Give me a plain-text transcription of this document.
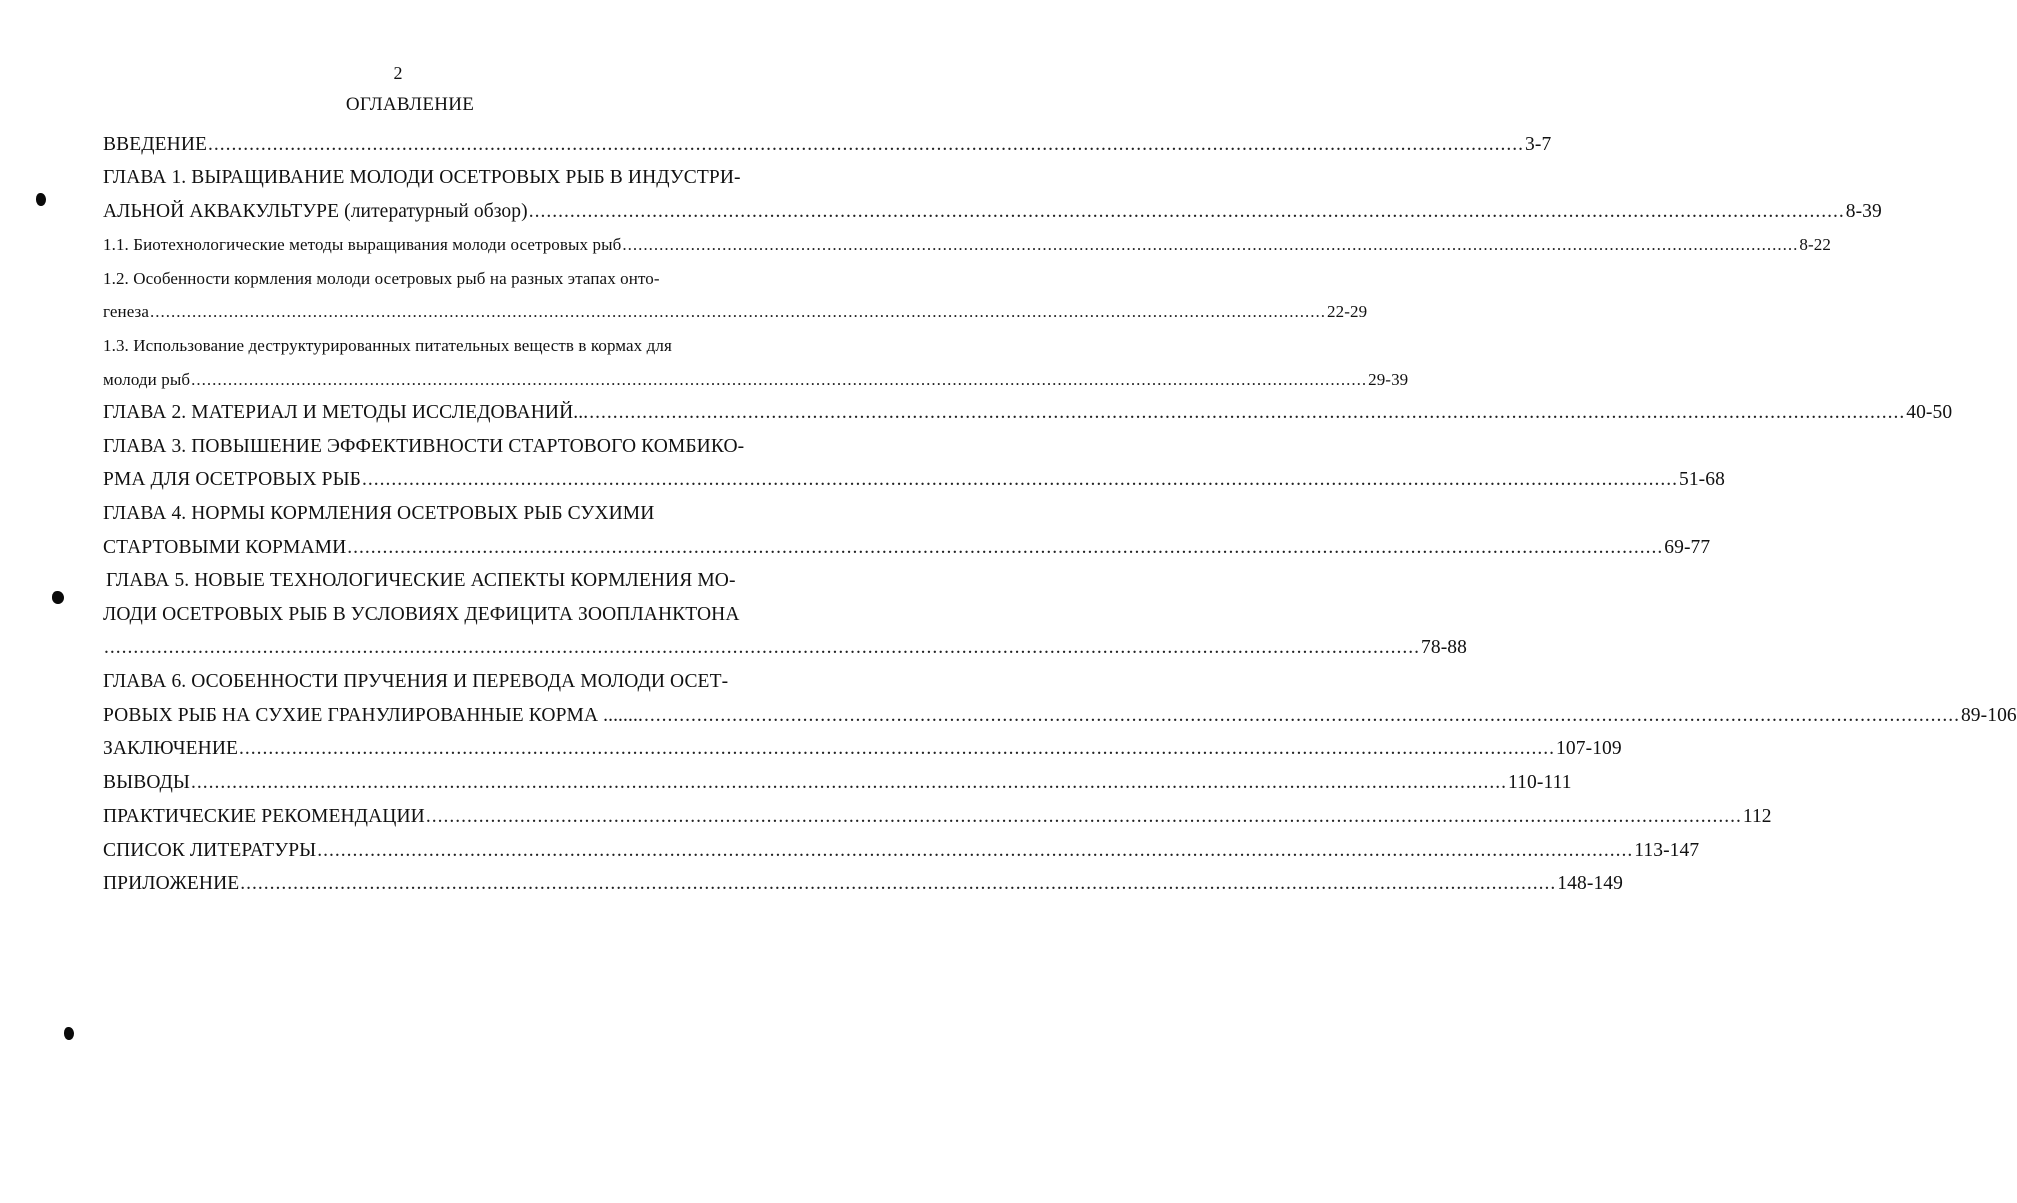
2
ОГЛАВЛЕНИЕ
ВВЕДЕНИЕ ................................................................................................................................................................................................................................ 3-7
ГЛАВА 1. ВЫРАЩИВАНИЕ МОЛОДИ ОСЕТРОВЫХ РЫБ В ИНДУСТРИ-
АЛЬНОЙ АКВАКУЛЬТУРЕ (литературный обзор) ................................................................................................................................................................................................................................ 8-39
1.1. Биотехнологические методы выращивания молоди осетровых рыб ................................................................................................................................................................................................................................ 8-22
1.2. Особенности кормления молоди осетровых рыб на разных этапах онто-
генеза ................................................................................................................................................................................................................................ 22-29
1.3. Использование деструктурированных питательных веществ в кормах для
молоди рыб ................................................................................................................................................................................................................................ 29-39
ГЛАВА 2. МАТЕРИАЛ И МЕТОДЫ ИССЛЕДОВАНИЙ... ................................................................................................................................................................................................................................ 40-50
ГЛАВА 3. ПОВЫШЕНИЕ ЭФФЕКТИВНОСТИ СТАРТОВОГО КОМБИКО-
РМА ДЛЯ ОСЕТРОВЫХ РЫБ ................................................................................................................................................................................................................................ 51-68
ГЛАВА 4. НОРМЫ КОРМЛЕНИЯ ОСЕТРОВЫХ РЫБ СУХИМИ
СТАРТОВЫМИ КОРМАМИ ................................................................................................................................................................................................................................ 69-77
ГЛАВА 5. НОВЫЕ ТЕХНОЛОГИЧЕСКИЕ АСПЕКТЫ КОРМЛЕНИЯ МО-
ЛОДИ ОСЕТРОВЫХ РЫБ В УСЛОВИЯХ ДЕФИЦИТА ЗООПЛАНКТОНА
................................................................................................................................................................................................................................ 78-88
ГЛАВА 6. ОСОБЕННОСТИ ПРУЧЕНИЯ И ПЕРЕВОДА МОЛОДИ ОСЕТ-
РОВЫХ РЫБ НА СУХИЕ ГРАНУЛИРОВАННЫЕ КОРМА ........ ................................................................................................................................................................................................................................ 89-106
ЗАКЛЮЧЕНИЕ ................................................................................................................................................................................................................................ 107-109
ВЫВОДЫ ................................................................................................................................................................................................................................ 110-111
ПРАКТИЧЕСКИЕ РЕКОМЕНДАЦИИ ................................................................................................................................................................................................................................ 112
СПИСОК ЛИТЕРАТУРЫ ................................................................................................................................................................................................................................ 113-147
ПРИЛОЖЕНИЕ ................................................................................................................................................................................................................................ 148-149
